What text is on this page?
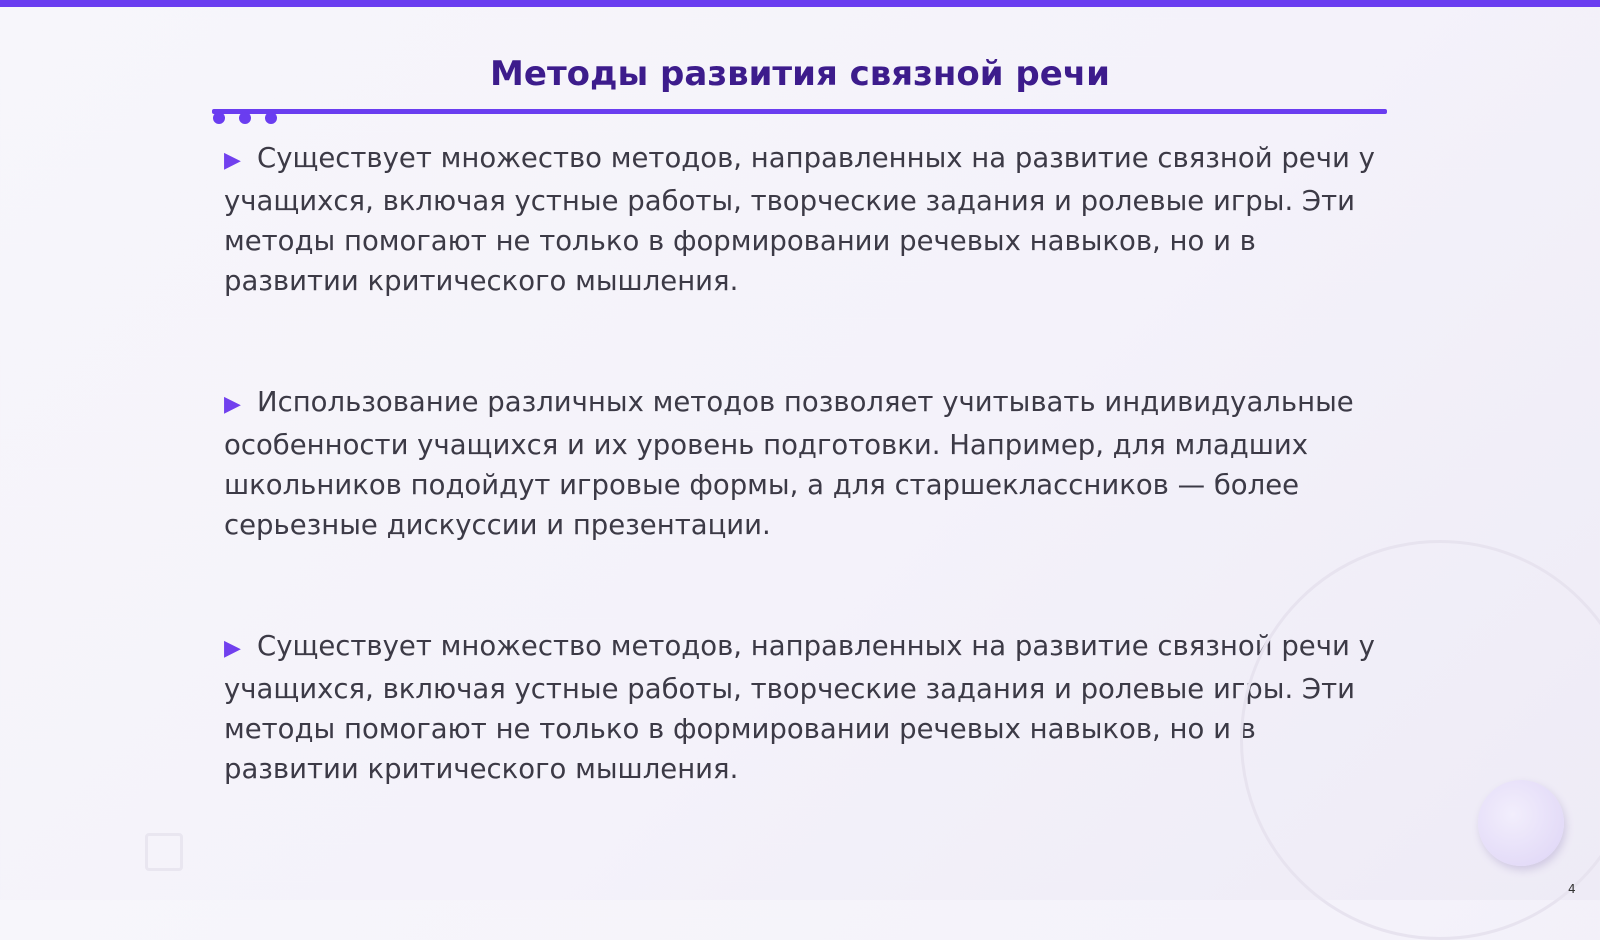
Методы развития связной речи

▶ Существует множество методов, направленных на развитие связной речи у учащихся, включая устные работы, творческие задания и ролевые игры. Эти методы помогают не только в формировании речевых навыков, но и в развитии критического мышления.

▶ Использование различных методов позволяет учитывать индивидуальные особенности учащихся и их уровень подготовки. Например, для младших школьников подойдут игровые формы, а для старшеклассников — более серьезные дискуссии и презентации.

▶ Существует множество методов, направленных на развитие связной речи у учащихся, включая устные работы, творческие задания и ролевые игры. Эти методы помогают не только в формировании речевых навыков, но и в развитии критического мышления.

4
